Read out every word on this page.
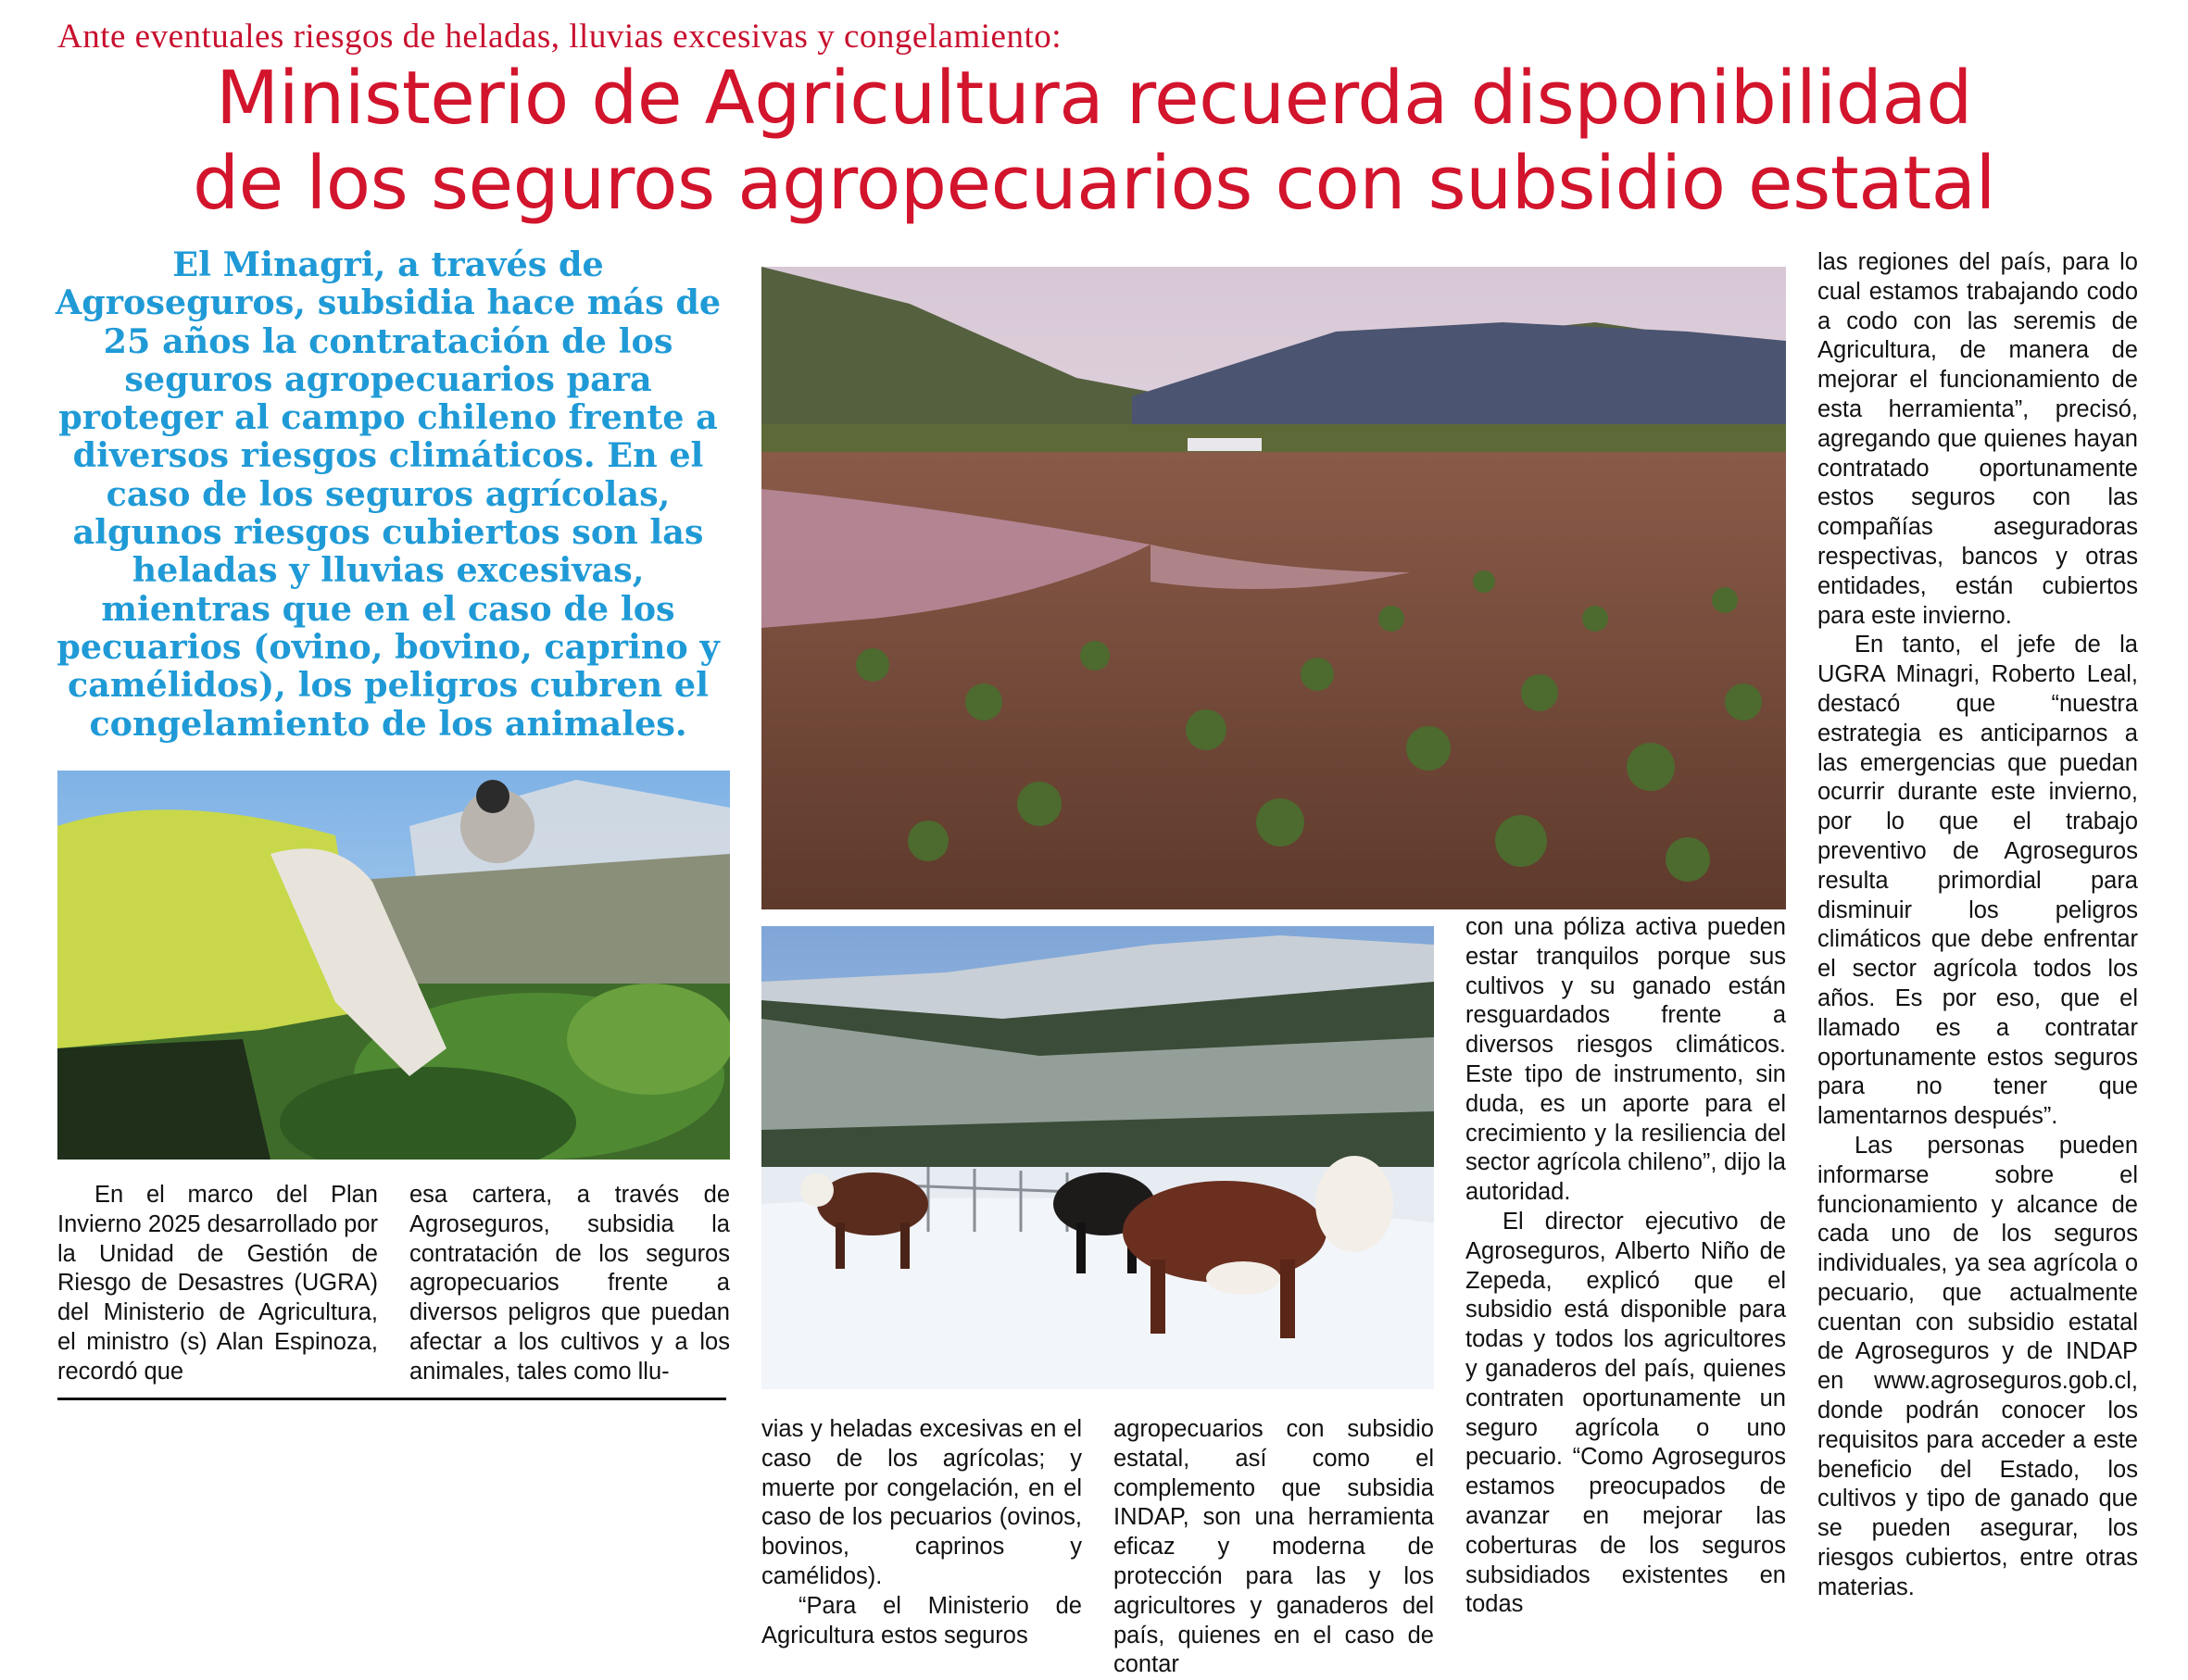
Ante eventuales riesgos de heladas, lluvias excesivas y congelamiento:
Ministerio de Agricultura recuerda disponibilidad
de los seguros agropecuarios con subsidio estatal
El Minagri, a través de Agroseguros, subsidia hace más de 25 años la contratación de los seguros agropecuarios para proteger al campo chileno frente a diversos riesgos climáticos. En el caso de los seguros agrícolas, algunos riesgos cubiertos son las heladas y lluvias excesivas, mientras que en el caso de los pecuarios (ovino, bovino, caprino y camélidos), los peligros cubren el congelamiento de los animales.

En el marco del Plan Invierno 2025 desarrollado por la Unidad de Gestión de Riesgo de Desastres (UGRA) del Ministerio de Agricultura, el ministro (s) Alan Espinoza, recordó que

esa cartera, a través de Agroseguros, subsidia la contratación de los seguros agropecuarios frente a diversos peligros que puedan afectar a los cultivos y a los animales, tales como llu-

vias y heladas excesivas en el caso de los agrícolas; y muerte por congelación, en el caso de los pecuarios (ovinos, bovinos, caprinos y camélidos).

“Para el Ministerio de Agricultura estos seguros

agropecuarios con subsidio estatal, así como el complemento que subsidia INDAP, son una herramienta eficaz y moderna de protección para las y los agricultores y ganaderos del país, quienes en el caso de contar

con una póliza activa pueden estar tranquilos porque sus cultivos y su ganado están resguardados frente a diversos riesgos climáticos. Este tipo de instrumento, sin duda, es un aporte para el crecimiento y la resiliencia del sector agrícola chileno”, dijo la autoridad.

El director ejecutivo de Agroseguros, Alberto Niño de Zepeda, explicó que el subsidio está disponible para todas y todos los agricultores y ganaderos del país, quienes contraten oportunamente un seguro agrícola o uno pecuario. “Como Agroseguros estamos preocupados de avanzar en mejorar las coberturas de los seguros subsidiados existentes en todas

las regiones del país, para lo cual estamos trabajando codo a codo con las seremis de Agricultura, de manera de mejorar el funcionamiento de esta herramienta”, precisó, agregando que quienes hayan contratado oportunamente estos seguros con las compañías aseguradoras respectivas, bancos y otras entidades, están cubiertos para este invierno.

En tanto, el jefe de la UGRA Minagri, Roberto Leal, destacó que “nuestra estrategia es anticiparnos a las emergencias que puedan ocurrir durante este invierno, por lo que el trabajo preventivo de Agroseguros resulta primordial para disminuir los peligros climáticos que debe enfrentar el sector agrícola todos los años. Es por eso, que el llamado es a contratar oportunamente estos seguros para no tener que lamentarnos después”.

Las personas pueden informarse sobre el funcionamiento y alcance de cada uno de los seguros individuales, ya sea agrícola o pecuario, que actualmente cuentan con subsidio estatal de Agroseguros y de INDAP en www.agroseguros.gob.cl, donde podrán conocer los requisitos para acceder a este beneficio del Estado, los cultivos y tipo de ganado que se pueden asegurar, los riesgos cubiertos, entre otras materias.
